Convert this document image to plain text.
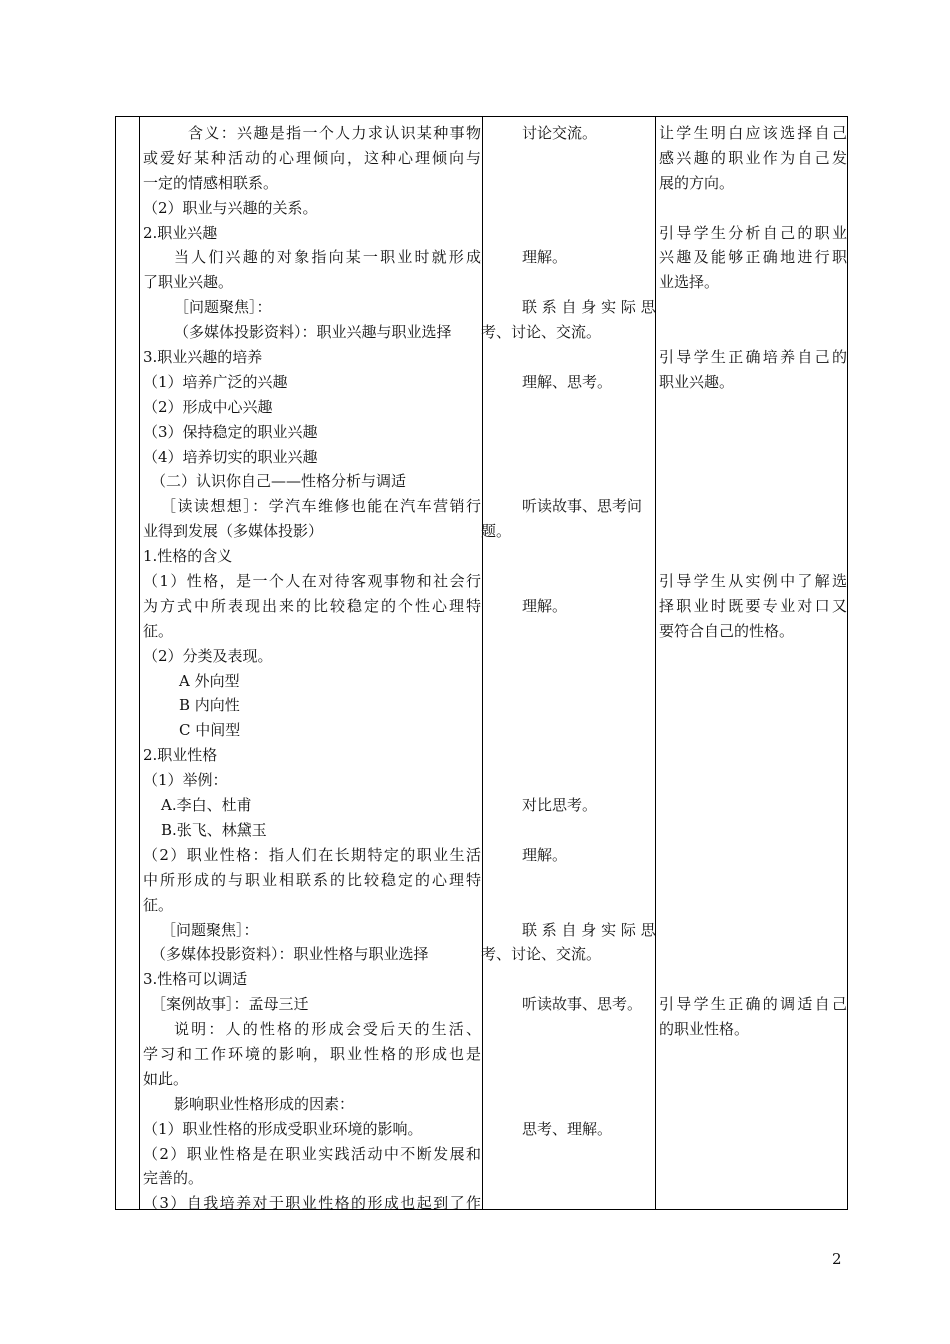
含义：兴趣是指一个人力求认识某种事物
或爱好某种活动的心理倾向，这种心理倾向与
一定的情感相联系。
（2）职业与兴趣的关系。
2.职业兴趣
当人们兴趣的对象指向某一职业时就形成
了职业兴趣。
［问题聚焦］：
（多媒体投影资料）：职业兴趣与职业选择
3.职业兴趣的培养
（1）培养广泛的兴趣
（2）形成中心兴趣
（3）保持稳定的职业兴趣
（4）培养切实的职业兴趣
（二）认识你自己——性格分析与调适
［读读想想］：学汽车维修也能在汽车营销行
业得到发展（多媒体投影）
1.性格的含义
（1）性格，是一个人在对待客观事物和社会行
为方式中所表现出来的比较稳定的个性心理特
征。
（2）分类及表现。
A 外向型
B 内向性
C 中间型
2.职业性格
（1）举例：
A.李白、杜甫
B.张飞、林黛玉
（2）职业性格：指人们在长期特定的职业生活
中所形成的与职业相联系的比较稳定的心理特
征。
［问题聚焦］：
（多媒体投影资料）：职业性格与职业选择
3.性格可以调适
［案例故事］：孟母三迁
说明：人的性格的形成会受后天的生活、
学习和工作环境的影响，职业性格的形成也是
如此。
影响职业性格形成的因素：
（1）职业性格的形成受职业环境的影响。
（2）职业性格是在职业实践活动中不断发展和
完善的。
（3）自我培养对于职业性格的形成也起到了作
讨论交流。
理解。
联 系 自 身 实 际 思
考、讨论、交流。
理解、思考。
听读故事、思考问
题。
理解。
对比思考。
理解。
联 系 自 身 实 际 思
考、讨论、交流。
听读故事、思考。
思考、理解。
让学生明白应该选择自己
感兴趣的职业作为自己发
展的方向。
引导学生分析自己的职业
兴趣及能够正确地进行职
业选择。
引导学生正确培养自己的
职业兴趣。
引导学生从实例中了解选
择职业时既要专业对口又
要符合自己的性格。
引导学生正确的调适自己
的职业性格。
2
